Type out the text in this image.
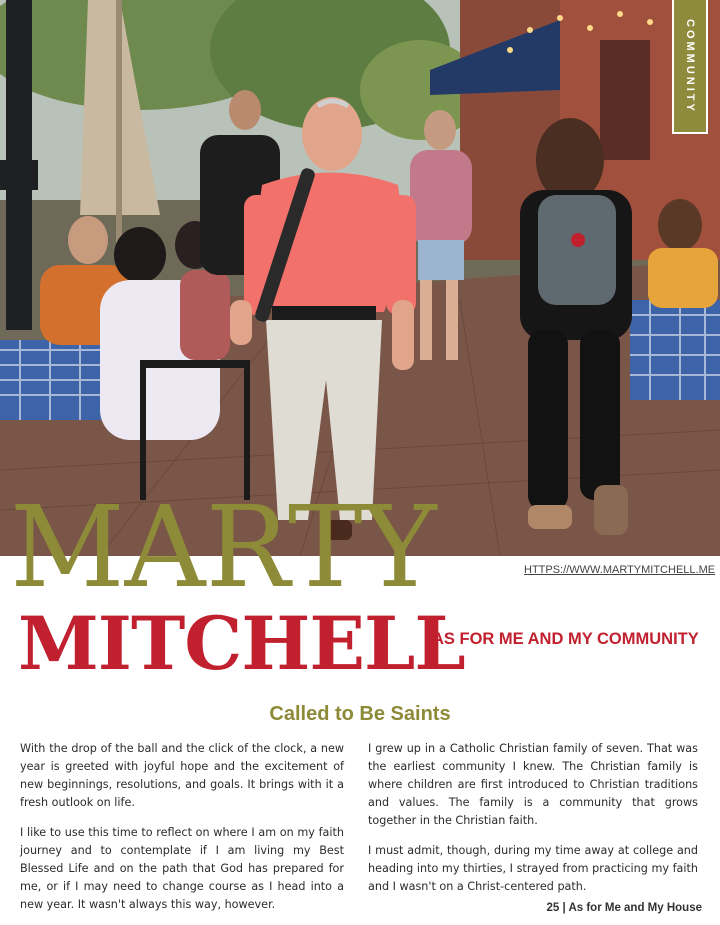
COMMUNITY
MARTY	HTTPS://WWW.MARTYMITCHELL.ME
MITCHELL
AS FOR ME AND MY COMMUNITY
Called to Be Saints

With the drop of the ball and the click of the clock, a new year is greeted with joyful hope and the excitement of new beginnings, resolutions, and goals. It brings with it a fresh outlook on life.

I like to use this time to reflect on where I am on my faith journey and to contemplate if I am living my Best Blessed Life and on the path that God has prepared for me, or if I may need to change course as I head into a new year. It wasn't always this way, however.

I grew up in a Catholic Christian family of seven. That was the earliest community I knew. The Christian family is where children are first introduced to Christian traditions and values. The family is a community that grows together in the Christian faith.

I must admit, though, during my time away at college and heading into my thirties, I strayed from practicing my faith and I wasn't on a Christ-centered path.

25 | As for Me and My House
